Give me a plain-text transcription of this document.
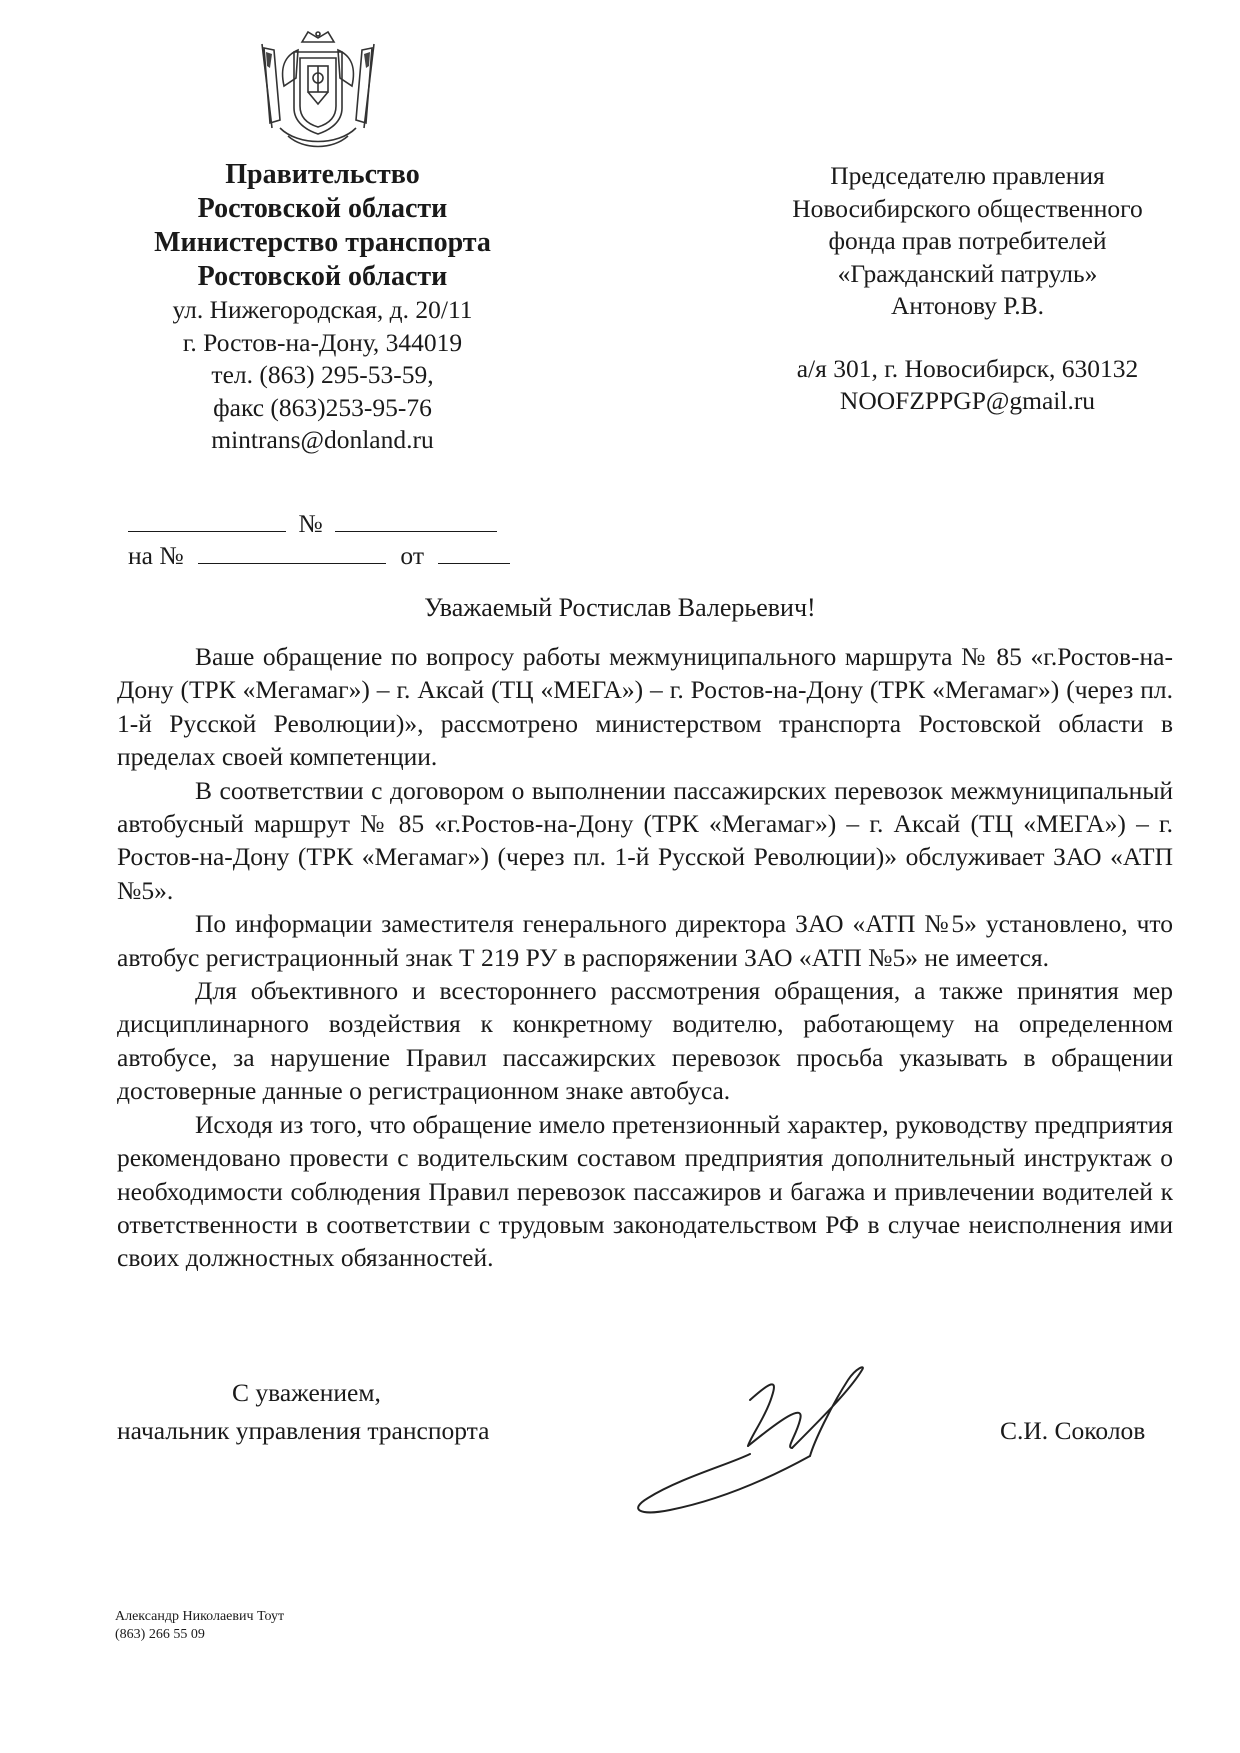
Правительство
Ростовской области
Министерство транспорта
Ростовской области
ул. Нижегородская, д. 20/11
г. Ростов-на-Дону, 344019
тел. (863) 295-53-59,
факс (863)253-95-76
mintrans@donland.ru
Председателю правления
Новосибирского общественного
фонда прав потребителей
«Гражданский патруль»
Антонову Р.В.
а/я 301, г. Новосибирск, 630132
NOOFZPPGP@gmail.ru
№
на №	от
Уважаемый Ростислав Валерьевич!

Ваше обращение по вопросу работы межмуниципального маршрута № 85 «г.Ростов-на-Дону (ТРК «Мегамаг») – г. Аксай (ТЦ «МЕГА») – г. Ростов-на-Дону (ТРК «Мегамаг») (через пл. 1-й Русской Революции)», рассмотрено министерством транспорта Ростовской области в пределах своей компетенции.

В соответствии с договором о выполнении пассажирских перевозок межмуниципальный автобусный маршрут № 85 «г.Ростов-на-Дону (ТРК «Мегамаг») – г. Аксай (ТЦ «МЕГА») – г. Ростов-на-Дону (ТРК «Мегамаг») (через пл. 1-й Русской Революции)» обслуживает ЗАО «АТП №5».

По информации заместителя генерального директора ЗАО «АТП №5» установлено, что автобус регистрационный знак Т 219 РУ в распоряжении ЗАО «АТП №5» не имеется.

Для объективного и всестороннего рассмотрения обращения, а также принятия мер дисциплинарного воздействия к конкретному водителю, работающему на определенном автобусе, за нарушение Правил пассажирских перевозок просьба указывать в обращении достоверные данные о регистрационном знаке автобуса.

Исходя из того, что обращение имело претензионный характер, руководству предприятия рекомендовано провести с водительским составом предприятия дополнительный инструктаж о необходимости соблюдения Правил перевозок пассажиров и багажа и привлечении водителей к ответственности в соответствии с трудовым законодательством РФ в случае неисполнения ими своих должностных обязанностей.

С уважением,
начальник управления транспорта	С.И. Соколов
Александр Николаевич Тоут
(863) 266 55 09
